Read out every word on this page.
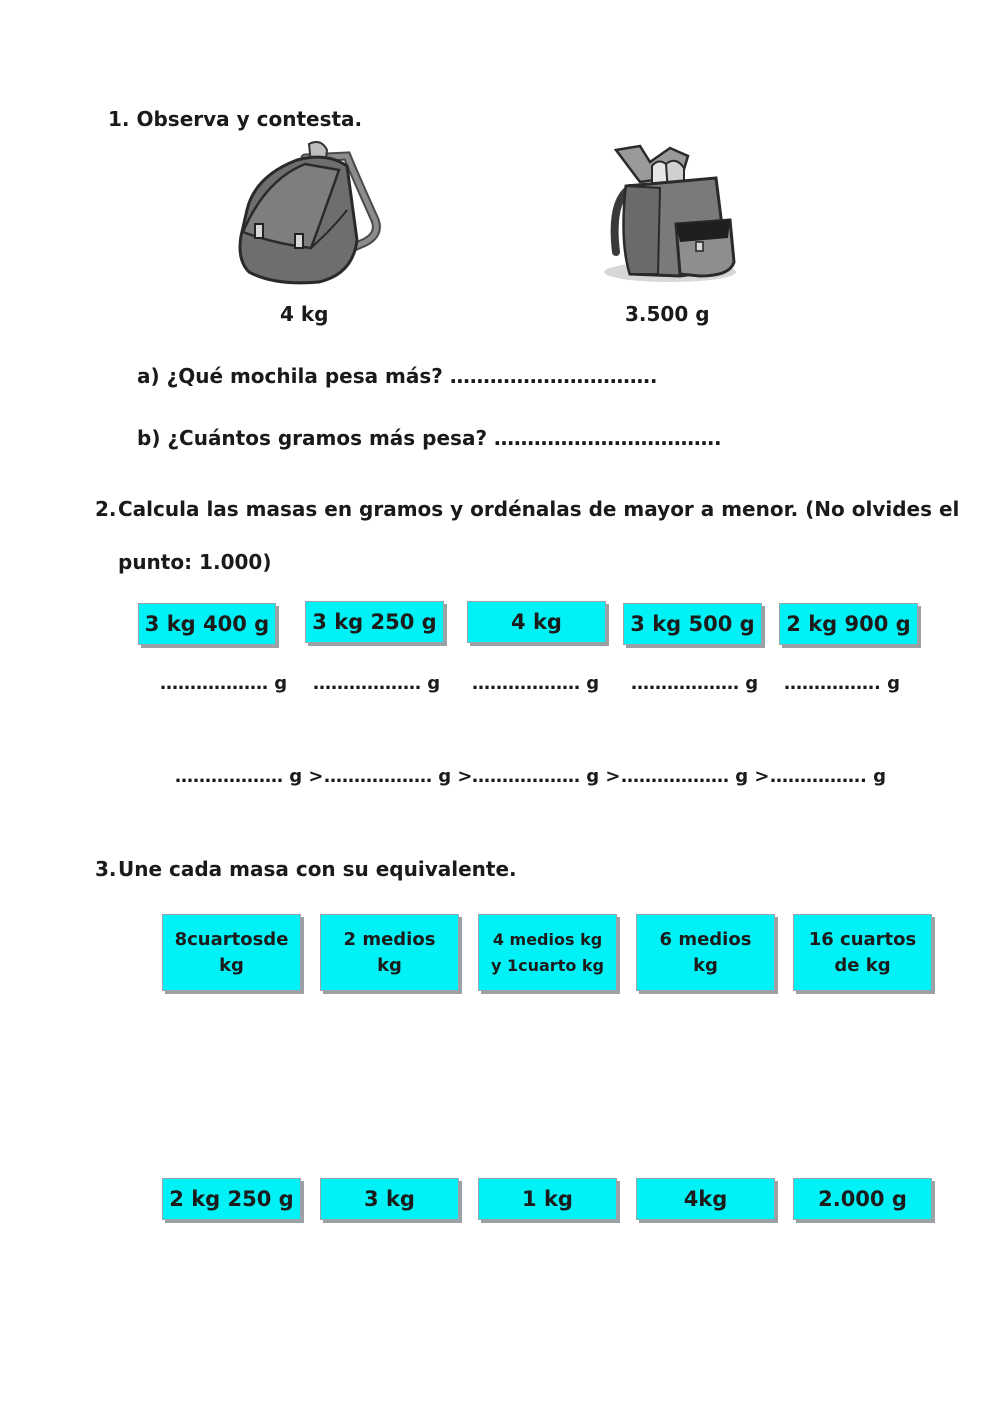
1. Observa y contesta.
4 kg	3.500 g
a) ¿Qué mochila pesa más? ………………………….
b) ¿Cuántos gramos más pesa? …………………………….
2. Calcula las masas en gramos y ordénalas de mayor a menor. (No olvides el
punto: 1.000)
3 kg 400 g	3 kg 250 g	4 kg	3 kg 500 g	2 kg 900 g
……………… g ……………… g ……………… g ……………… g ……………. g
……………… g > ……………… g > ……………… g > ……………… g > ……………. g
3. Une cada masa con su equivalente.
8cuartosde
kg
2 medios
kg
4 medios kg
y 1cuarto kg
6 medios
kg
16 cuartos
de kg
2 kg 250 g	3 kg	1 kg	4kg	2.000 g
